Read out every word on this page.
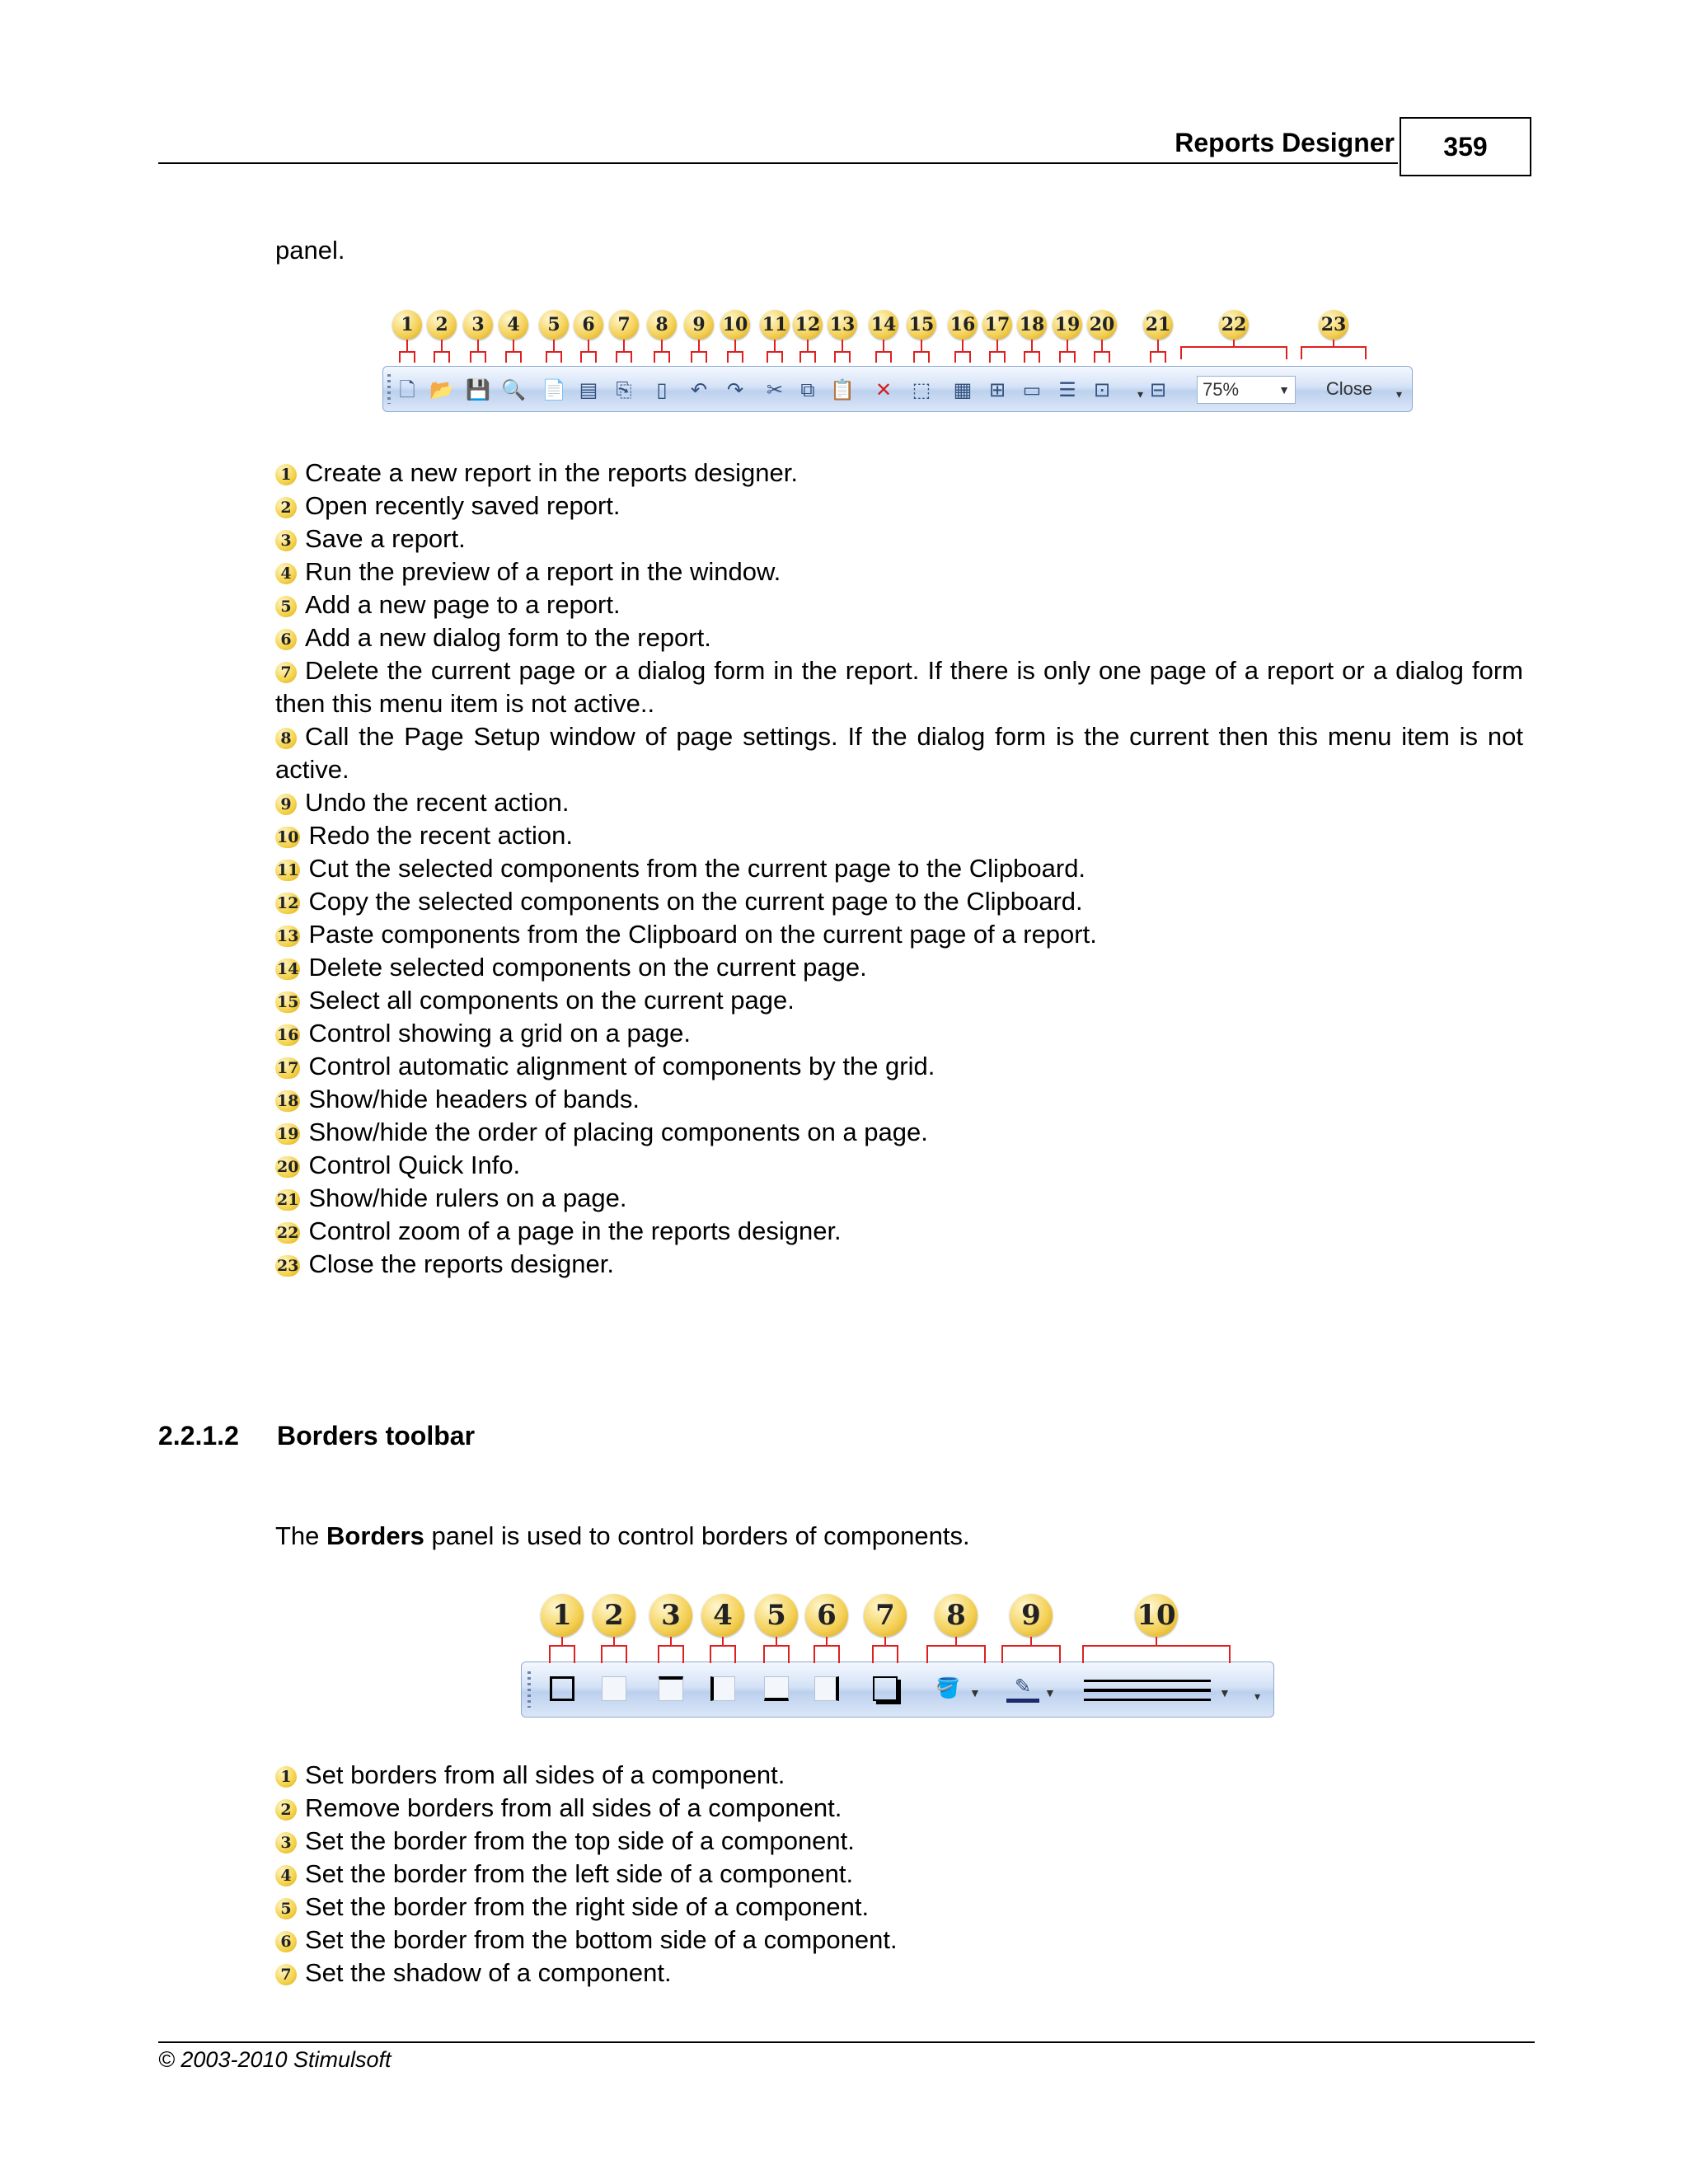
Reports Designer	359
panel.
75%	▼	Close	▾
1
🗋
2
📂
3
💾
4
🔍
5
📄
6
▤
7
⎘
8
▯
9
↶
10
↷
11
✂
12
⧉
13
📋
14
✕
15
⬚
16
▦
17
⊞
18
▭
19
☰
20
⊡
21
⊟
22	23
▾
1 Create a new report in the reports designer.
2 Open recently saved report.
3 Save a report.
4 Run the preview of a report in the window.
5 Add a new page to a report.
6 Add a new dialog form to the report.
7 Delete the current page or a dialog form in the report. If there is only one page of a report or a dialog form then this menu item is not active..
8 Call the Page Setup window of page settings. If the dialog form is the current then this menu item is not active.
9 Undo the recent action.
10 Redo the recent action.
11 Cut the selected components from the current page to the Clipboard.
12 Copy the selected components on the current page to the Clipboard.
13 Paste components from the Clipboard on the current page of a report.
14 Delete selected components on the current page.
15 Select all components on the current page.
16 Control showing a grid on a page.
17 Control automatic alignment of components by the grid.
18 Show/hide headers of bands.
19 Show/hide the order of placing components on a page.
20 Control Quick Info.
21 Show/hide rulers on a page.
22 Control zoom of a page in the reports designer.
23 Close the reports designer.
2.2.1.2 Borders toolbar
The Borders panel is used to control borders of components.
▾
1	2	3	4	5	6	7	8
🪣 ▼
9
✎	▼
10
▼
1 Set borders from all sides of a component.
2 Remove borders from all sides of a component.
3 Set the border from the top side of a component.
4 Set the border from the left side of a component.
5 Set the border from the right side of a component.
6 Set the border from the bottom side of a component.
7 Set the shadow of a component.
© 2003-2010 Stimulsoft
